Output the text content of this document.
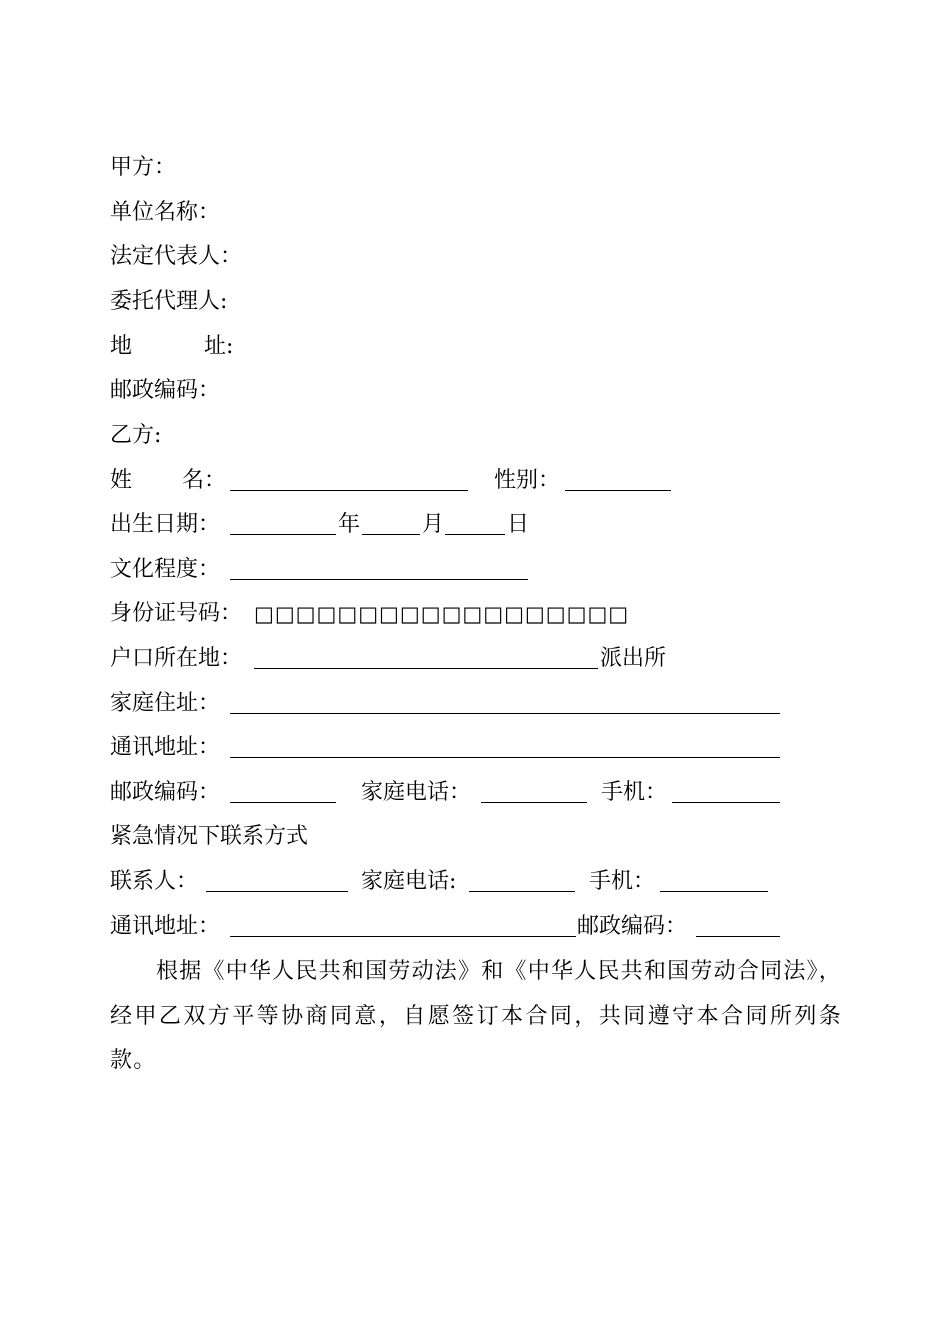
甲方：
单位名称：
法定代表人：
委托代理人:
地	址:
邮政编码：
乙方:
姓 名：	性别：
出生日期：	年	月	日
文化程度：
身份证号码： □□□□□□□□□□□□□□□□□□
户口所在地：	派出所
家庭住址：
通讯地址：
邮政编码：	家庭电话：	手机：
紧急情况下联系方式
联系人：	家庭电话:	手机：
通讯地址：	邮政编码：
根据《中华人民共和国劳动法》和《中华人民共和国劳动合同法》，经甲乙双方平等协商同意，自愿签订本合同，共同遵守本合同所列条款。
